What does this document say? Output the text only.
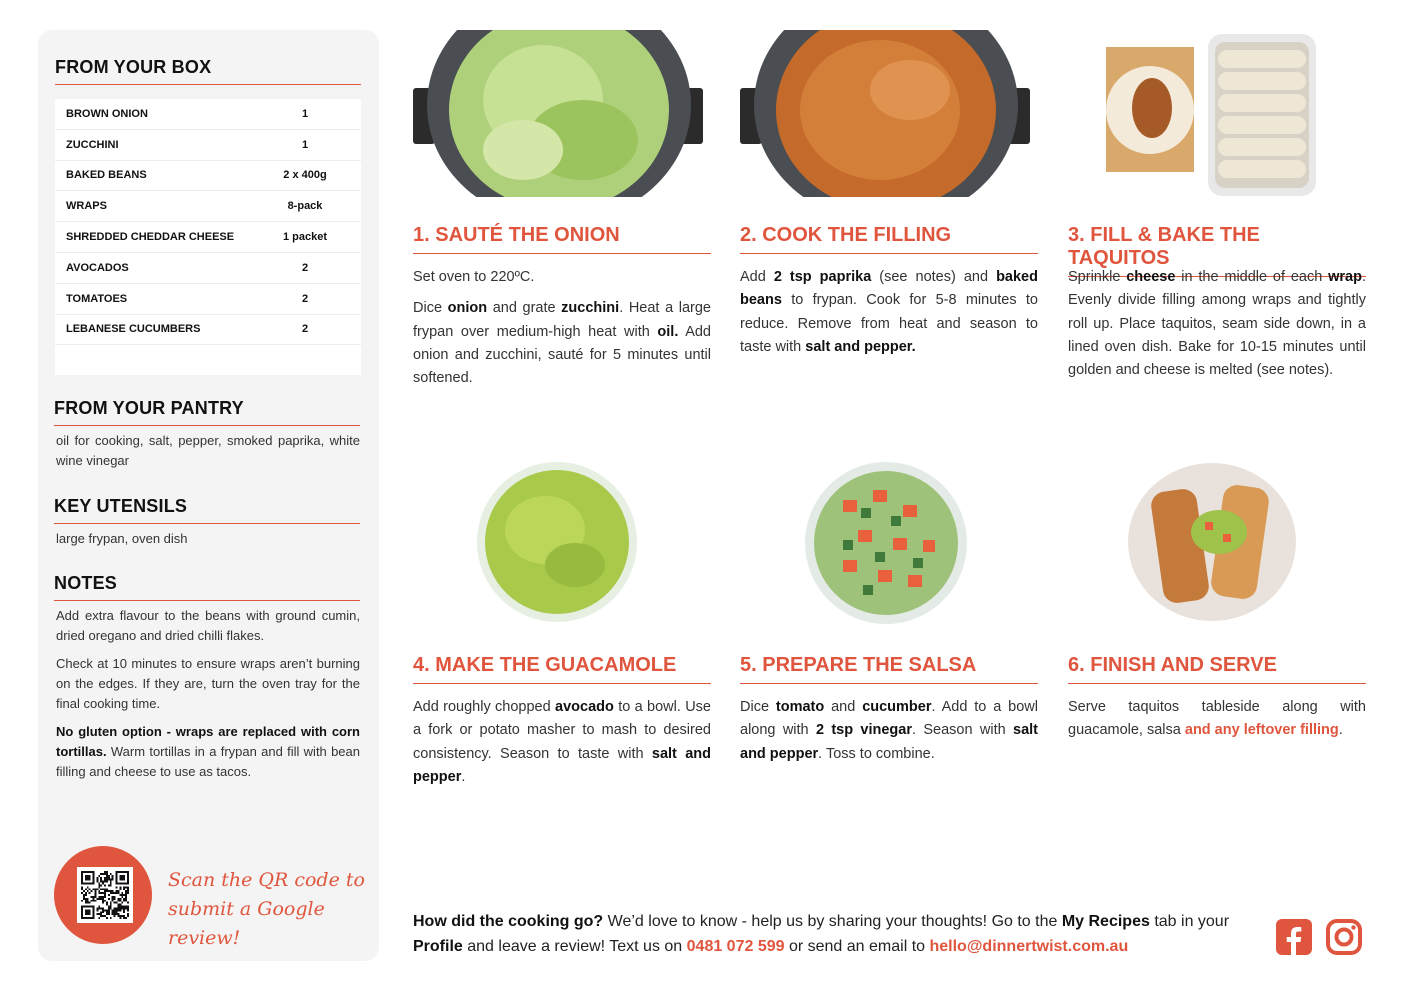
FROM YOUR BOX
BROWN ONION	1
ZUCCHINI	1
BAKED BEANS	2 x 400g
WRAPS	8-pack
SHREDDED CHEDDAR CHEESE	1 packet
AVOCADOS	2
TOMATOES	2
LEBANESE CUCUMBERS	2
FROM YOUR PANTRY
oil for cooking, salt, pepper, smoked paprika, white wine vinegar
KEY UTENSILS
large frypan, oven dish
NOTES

Add extra flavour to the beans with ground cumin, dried oregano and dried chilli flakes.

Check at 10 minutes to ensure wraps aren’t burning on the edges. If they are, turn the oven tray for the final cooking time.

No gluten option - wraps are replaced with corn tortillas. Warm tortillas in a frypan and fill with bean filling and cheese to use as tacos.

Scan the QR code to
submit a Google review!
1. SAUTÉ THE ONION

Set oven to 220ºC.

Dice onion and grate zucchini. Heat a large frypan over medium-high heat with oil. Add onion and zucchini, sauté for 5 minutes until softened.

2. COOK THE FILLING

Add 2 tsp paprika (see notes) and baked beans to frypan. Cook for 5-8 minutes to reduce. Remove from heat and season to taste with salt and pepper.

3. FILL & BAKE THE TAQUITOS

Sprinkle cheese in the middle of each wrap. Evenly divide filling among wraps and tightly roll up. Place taquitos, seam side down, in a lined oven dish. Bake for 10-15 minutes until golden and cheese is melted (see notes).

4. MAKE THE GUACAMOLE

Add roughly chopped avocado to a bowl. Use a fork or potato masher to mash to desired consistency. Season to taste with salt and pepper.

5. PREPARE THE SALSA

Dice tomato and cucumber. Add to a bowl along with 2 tsp vinegar. Season with salt and pepper. Toss to combine.

6. FINISH AND SERVE

Serve taquitos tableside along with guacamole, salsa and any leftover filling.

How did the cooking go? We’d love to know - help us by sharing your thoughts! Go to the My Recipes tab in your Profile and leave a review! Text us on 0481 072 599 or send an email to hello@dinnertwist.com.au
